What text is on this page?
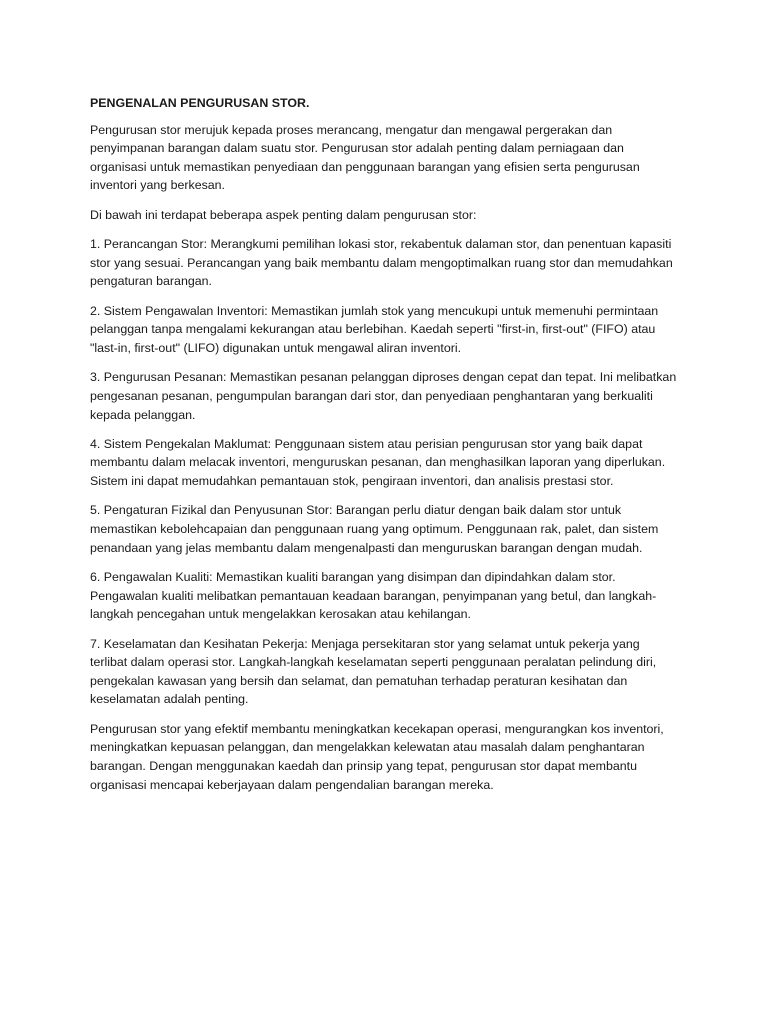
PENGENALAN PENGURUSAN STOR.

Pengurusan stor merujuk kepada proses merancang, mengatur dan mengawal pergerakan dan penyimpanan barangan dalam suatu stor. Pengurusan stor adalah penting dalam perniagaan dan organisasi untuk memastikan penyediaan dan penggunaan barangan yang efisien serta pengurusan inventori yang berkesan.

Di bawah ini terdapat beberapa aspek penting dalam pengurusan stor:

1. Perancangan Stor: Merangkumi pemilihan lokasi stor, rekabentuk dalaman stor, dan penentuan kapasiti stor yang sesuai. Perancangan yang baik membantu dalam mengoptimalkan ruang stor dan memudahkan pengaturan barangan.

2. Sistem Pengawalan Inventori: Memastikan jumlah stok yang mencukupi untuk memenuhi permintaan pelanggan tanpa mengalami kekurangan atau berlebihan. Kaedah seperti "first-in, first-out" (FIFO) atau "last-in, first-out" (LIFO) digunakan untuk mengawal aliran inventori.

3. Pengurusan Pesanan: Memastikan pesanan pelanggan diproses dengan cepat dan tepat. Ini melibatkan pengesanan pesanan, pengumpulan barangan dari stor, dan penyediaan penghantaran yang berkualiti kepada pelanggan.

4. Sistem Pengekalan Maklumat: Penggunaan sistem atau perisian pengurusan stor yang baik dapat membantu dalam melacak inventori, menguruskan pesanan, dan menghasilkan laporan yang diperlukan. Sistem ini dapat memudahkan pemantauan stok, pengiraan inventori, dan analisis prestasi stor.

5. Pengaturan Fizikal dan Penyusunan Stor: Barangan perlu diatur dengan baik dalam stor untuk memastikan kebolehcapaian dan penggunaan ruang yang optimum. Penggunaan rak, palet, dan sistem penandaan yang jelas membantu dalam mengenalpasti dan menguruskan barangan dengan mudah.

6. Pengawalan Kualiti: Memastikan kualiti barangan yang disimpan dan dipindahkan dalam stor. Pengawalan kualiti melibatkan pemantauan keadaan barangan, penyimpanan yang betul, dan langkah-langkah pencegahan untuk mengelakkan kerosakan atau kehilangan.

7. Keselamatan dan Kesihatan Pekerja: Menjaga persekitaran stor yang selamat untuk pekerja yang terlibat dalam operasi stor. Langkah-langkah keselamatan seperti penggunaan peralatan pelindung diri, pengekalan kawasan yang bersih dan selamat, dan pematuhan terhadap peraturan kesihatan dan keselamatan adalah penting.

Pengurusan stor yang efektif membantu meningkatkan kecekapan operasi, mengurangkan kos inventori, meningkatkan kepuasan pelanggan, dan mengelakkan kelewatan atau masalah dalam penghantaran barangan. Dengan menggunakan kaedah dan prinsip yang tepat, pengurusan stor dapat membantu organisasi mencapai keberjayaan dalam pengendalian barangan mereka.
